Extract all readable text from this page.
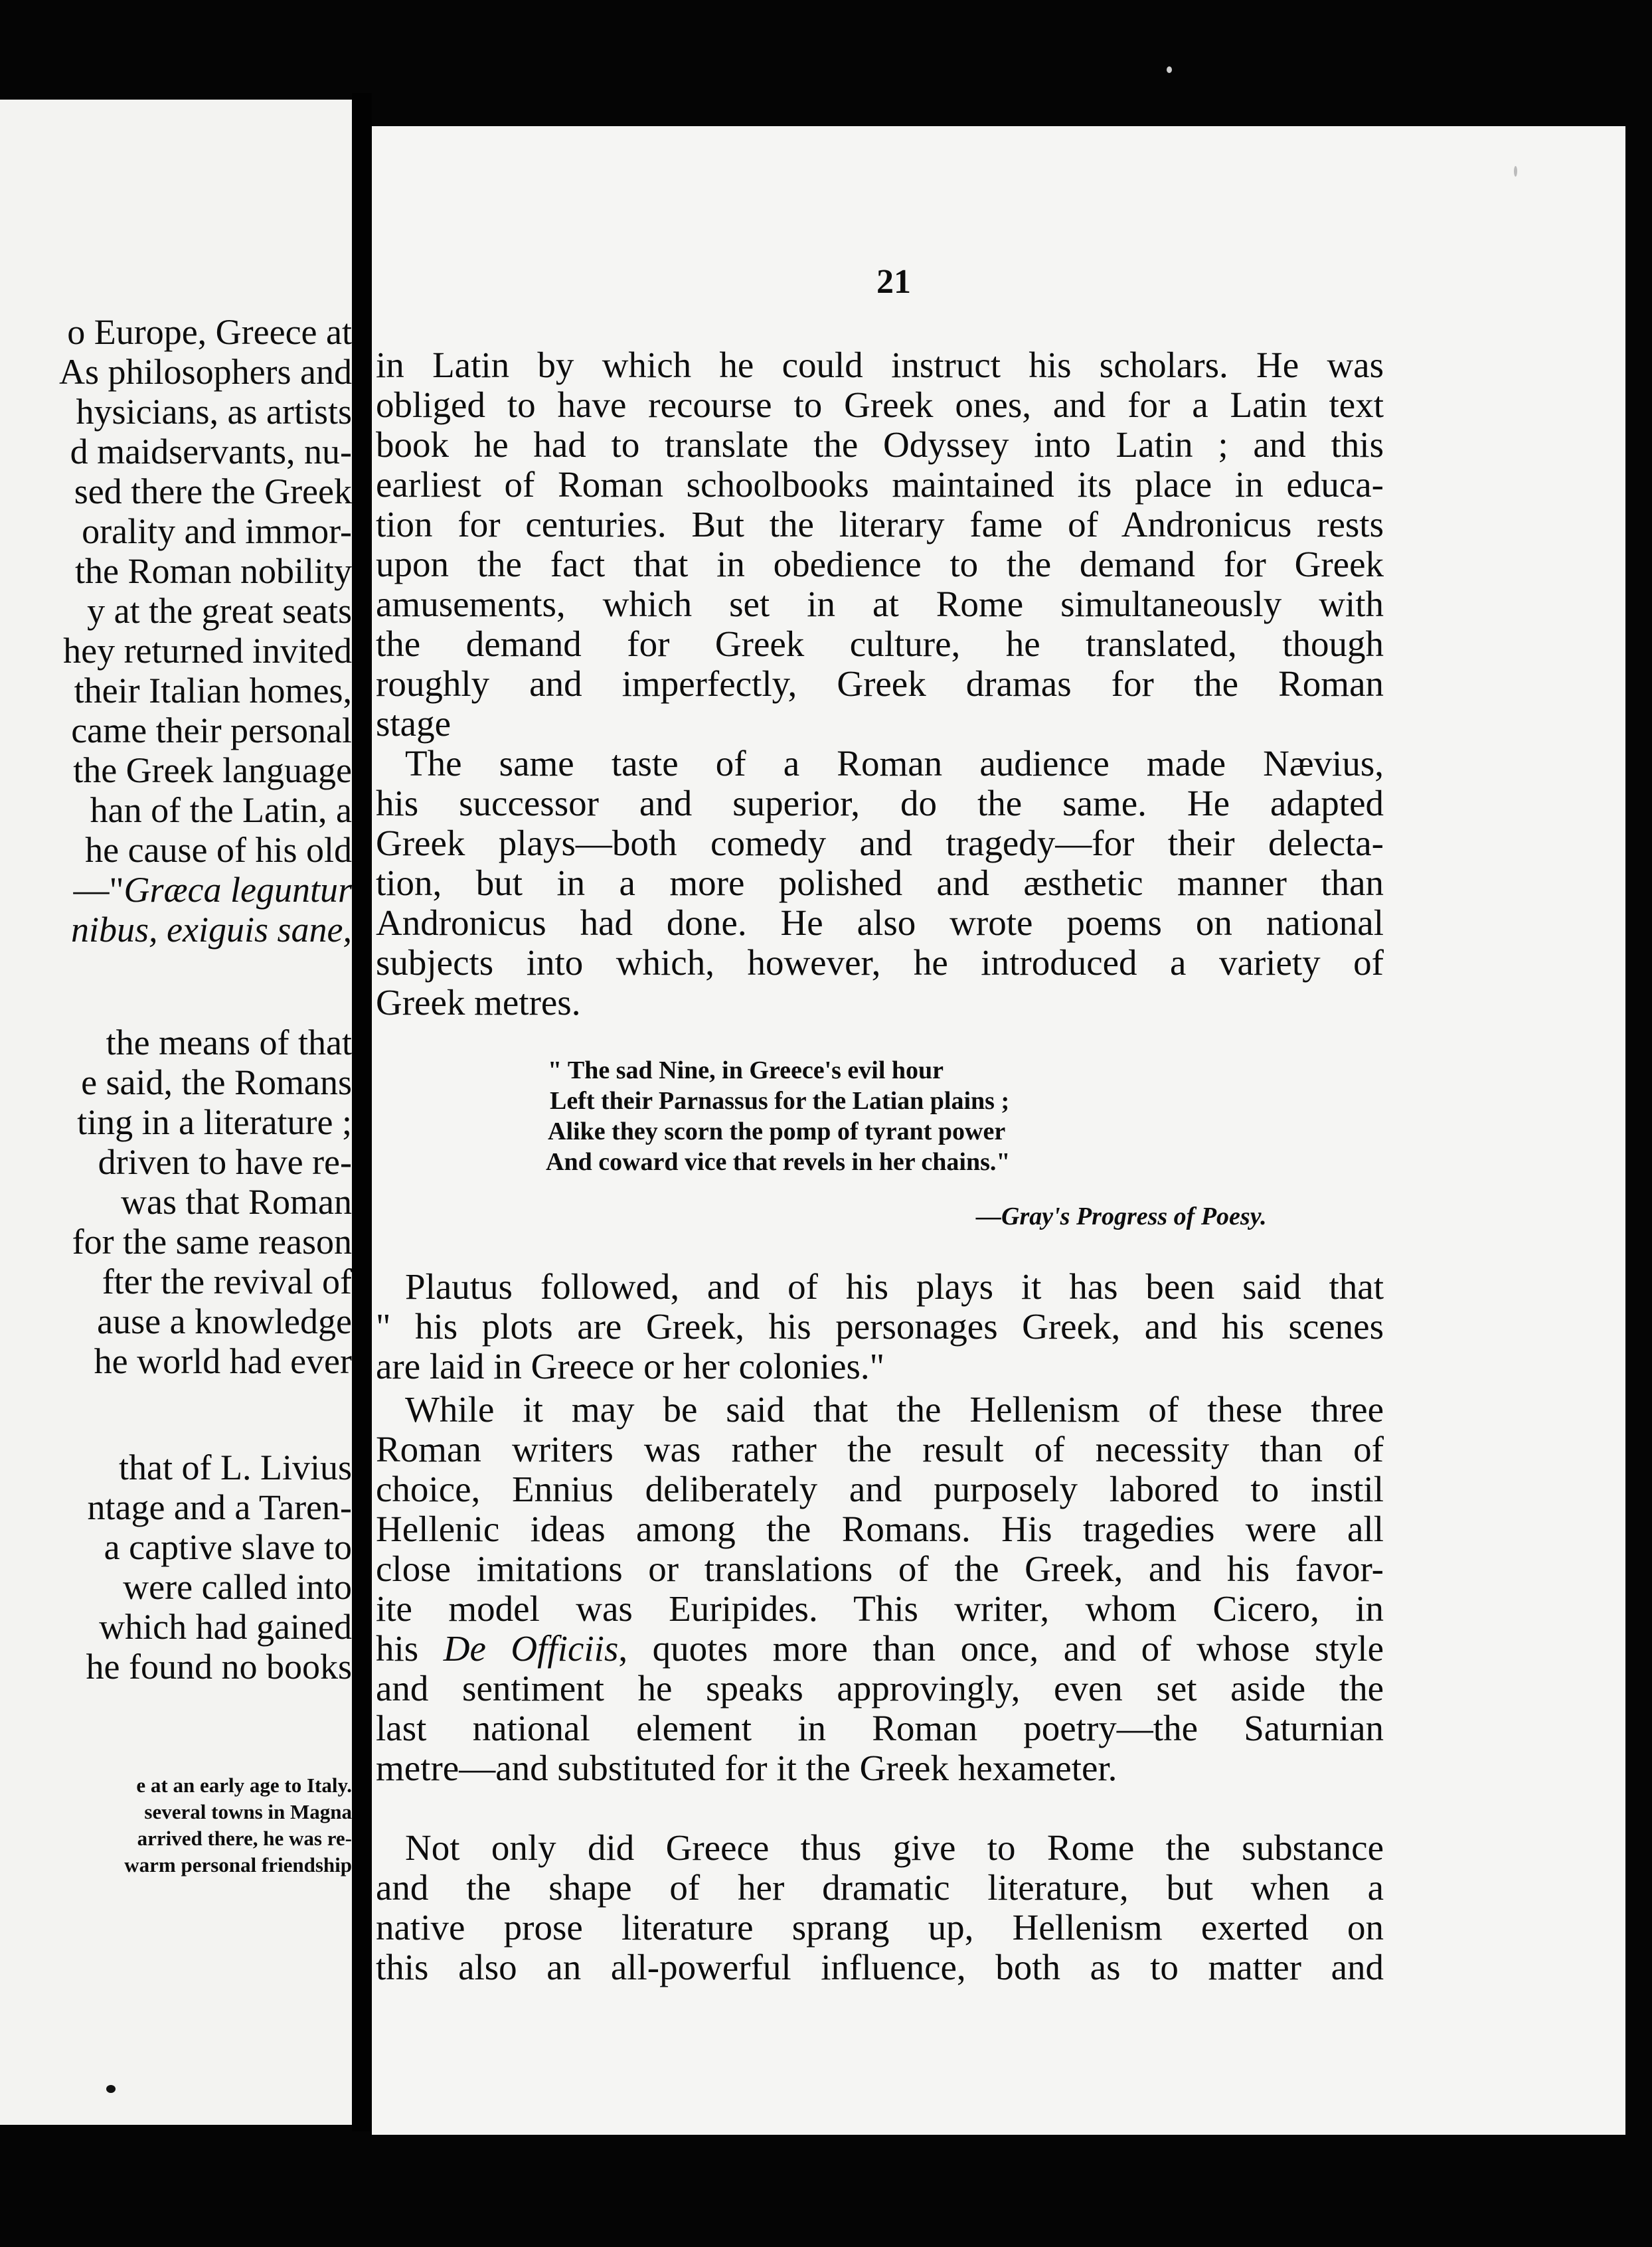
o Europe, Greece at
As philosophers and
hysicians, as artists
d maidservants, nu-
sed there the Greek
orality and immor-
the Roman nobility
y at the great seats
hey returned invited
their Italian homes,
came their personal
the Greek language
han of the Latin, a
he cause of his old
—"Græca leguntur
nibus, exiguis sane,
the means of that
e said, the Romans
ting in a literature ;
driven to have re-
was that Roman
for the same reason
fter the revival of
ause a knowledge
he world had ever
that of L. Livius
ntage and a Taren-
a captive slave to
were called into
which had gained
he found no books
e at an early age to Italy.
several towns in Magna
arrived there, he was re-
warm personal friendship
21
in Latin by which he could instruct his scholars. He was
obliged to have recourse to Greek ones, and for a Latin text
book he had to translate the Odyssey into Latin ; and this
earliest of Roman schoolbooks maintained its place in educa-
tion for centuries. But the literary fame of Andronicus rests
upon the fact that in obedience to the demand for Greek
amusements, which set in at Rome simultaneously with
the demand for Greek culture, he translated, though
roughly and imperfectly, Greek dramas for the Roman
stage
The same taste of a Roman audience made Nævius,
his successor and superior, do the same. He adapted
Greek plays—both comedy and tragedy—for their delecta-
tion, but in a more polished and æsthetic manner than
Andronicus had done. He also wrote poems on national
subjects into which, however, he introduced a variety of
Greek metres.
" The sad Nine, in Greece's evil hour
Left their Parnassus for the Latian plains ;
Alike they scorn the pomp of tyrant power
And coward vice that revels in her chains."
—Gray's Progress of Poesy.
Plautus followed, and of his plays it has been said that
" his plots are Greek, his personages Greek, and his scenes
are laid in Greece or her colonies."
While it may be said that the Hellenism of these three
Roman writers was rather the result of necessity than of
choice, Ennius deliberately and purposely labored to instil
Hellenic ideas among the Romans. His tragedies were all
close imitations or translations of the Greek, and his favor-
ite model was Euripides. This writer, whom Cicero, in
his De Officiis, quotes more than once, and of whose style
and sentiment he speaks approvingly, even set aside the
last national element in Roman poetry—the Saturnian
metre—and substituted for it the Greek hexameter.
Not only did Greece thus give to Rome the substance
and the shape of her dramatic literature, but when a
native prose literature sprang up, Hellenism exerted on
this also an all-powerful influence, both as to matter and
